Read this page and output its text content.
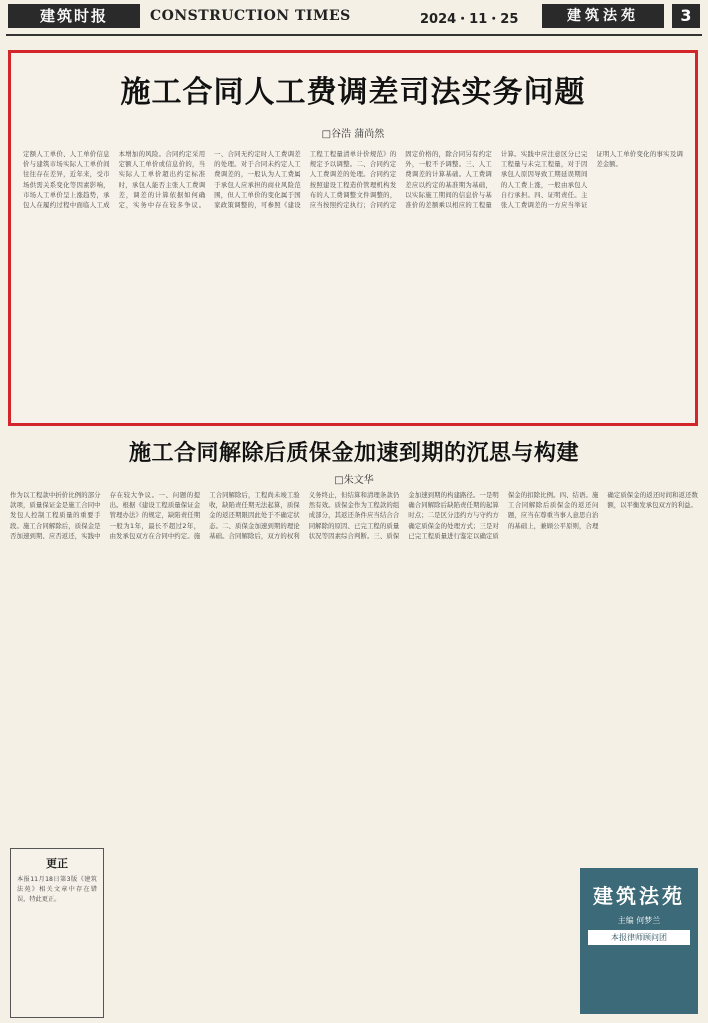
建筑时报	CONSTRUCTION TIMES	2024・11・25	建筑法苑	3
施工合同人工费调差司法实务问题
□谷浩 蒲尚然
定额人工单价、人工单价信息价与建筑市场实际人工单价间往往存在差异，近年来，受市场供需关系变化等因素影响，市场人工单价呈上涨趋势，承包人在履约过程中面临人工成本增加的风险。合同约定采用定额人工单价或信息价的，当实际人工单价超出约定标准时，承包人能否主张人工费调差，调差的计算依据如何确定，实务中存在较多争议。一、合同无约定时人工费调差的处理。对于合同未约定人工费调差的，一般认为人工费属于承包人应承担的商业风险范围，但人工单价的变化属于国家政策调整的，可参照《建设工程工程量清单计价规范》的规定予以调整。二、合同约定人工费调差的处理。合同约定按照建设工程造价管理机构发布的人工费调整文件调整的，应当按照约定执行；合同约定固定价格的，除合同另有约定外，一般不予调整。三、人工费调差的计算基础。人工费调差应以约定的基准期为基础，以实际施工期间的信息价与基准价的差额乘以相应的工程量计算。实践中应注意区分已完工程量与未完工程量，对于因承包人原因导致工期延误期间的人工费上涨，一般由承包人自行承担。四、证明责任。主张人工费调差的一方应当举证证明人工单价变化的事实及调差金额。
施工合同解除后质保金加速到期的沉思与构建
□朱文华
作为以工程款中折价比例的部分款项，质量保证金是施工合同中发包人控制工程质量的重要手段。施工合同解除后，质保金是否加速到期、应否返还，实践中存在较大争议。一、问题的提出。根据《建设工程质量保证金管理办法》的规定，缺陷责任期一般为1年，最长不超过2年，由发承包双方在合同中约定。施工合同解除后，工程尚未竣工验收，缺陷责任期无法起算，质保金的返还期限因此处于不确定状态。二、质保金加速到期的理论基础。合同解除后，双方的权利义务终止，但结算和清理条款仍然有效。质保金作为工程款的组成部分，其返还条件应当结合合同解除的原因、已完工程的质量状况等因素综合判断。三、质保金加速到期的构建路径。一是明确合同解除后缺陷责任期的起算时点；二是区分违约方与守约方确定质保金的处理方式；三是对已完工程质量进行鉴定以确定质保金的扣除比例。四、结语。施工合同解除后质保金的返还问题，应当在尊重当事人意思自治的基础上，兼顾公平原则，合理确定质保金的返还时间和返还数额，以平衡发承包双方的利益。
更正
本报11月18日第3版《建筑法苑》相关文章中存在错误，特此更正。	建筑法苑
主编 何梦兰
本报律师顾问团
